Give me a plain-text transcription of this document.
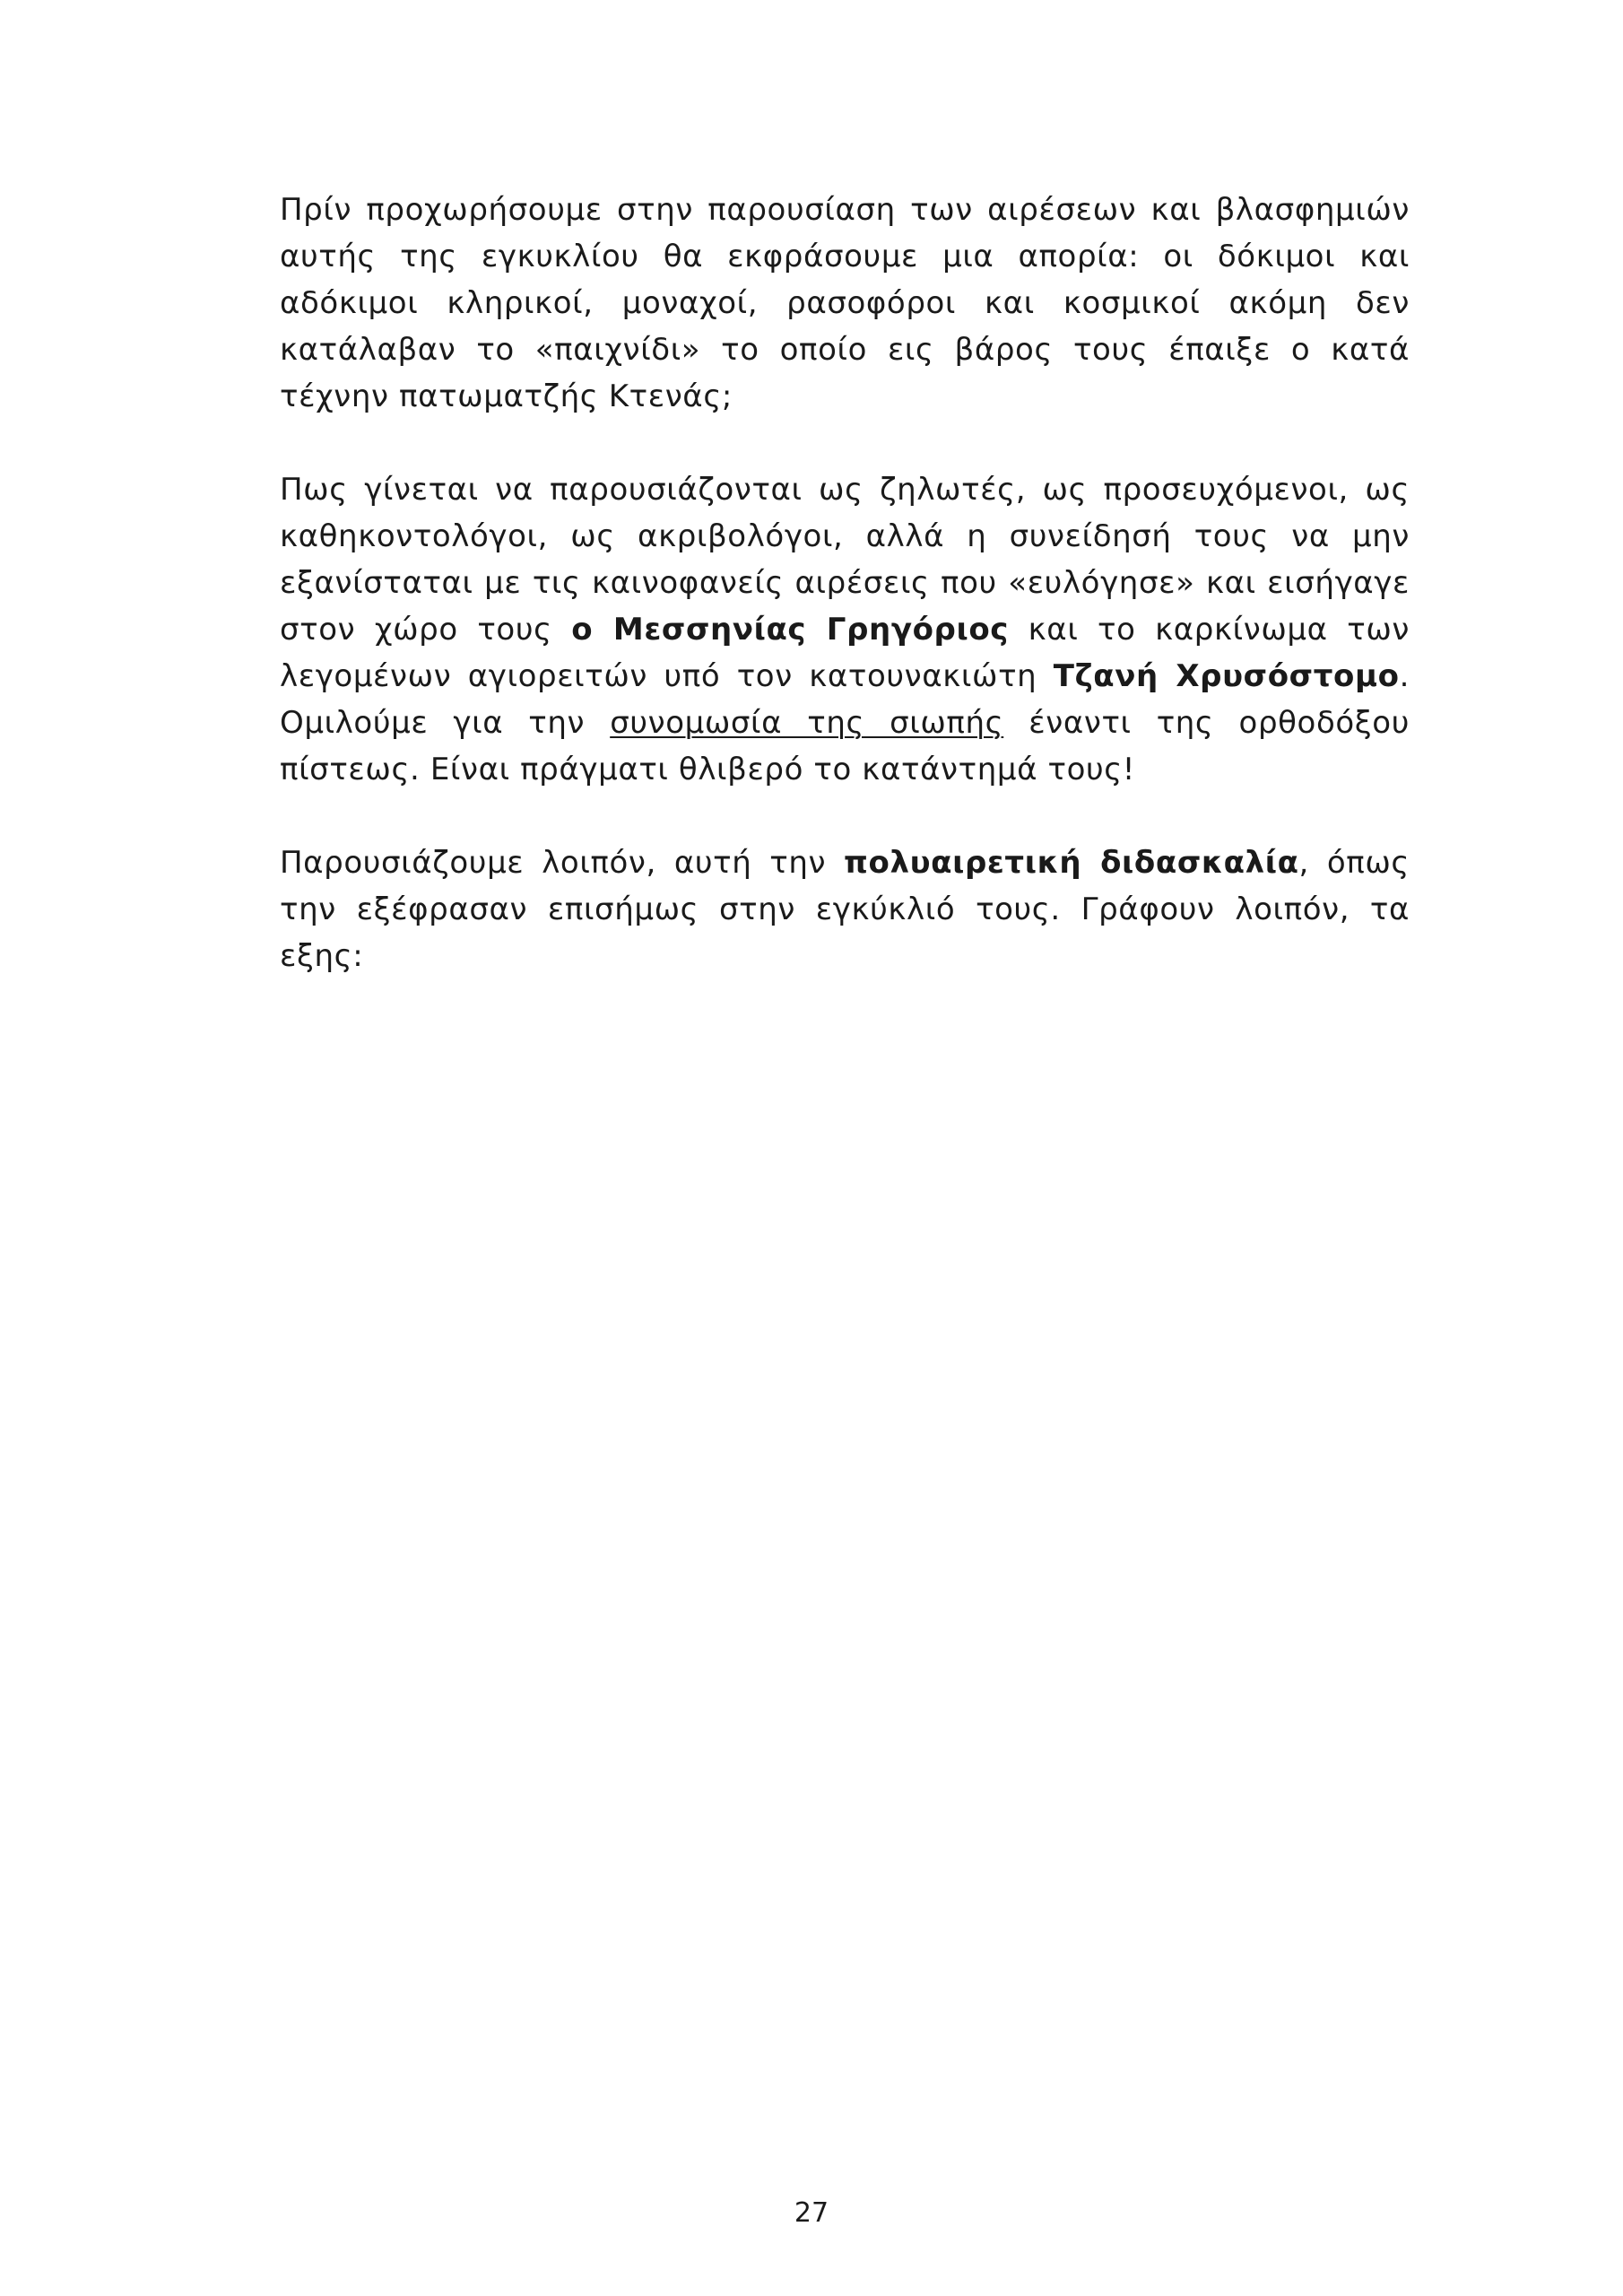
Πρίν προχωρήσουμε στην παρουσίαση των αιρέσεων και βλασφημιών αυτής της εγκυκλίου θα εκφράσουμε μια απορία: οι δόκιμοι και αδόκιμοι κληρικοί, μοναχοί, ρασοφόροι και κοσμικοί ακόμη δεν κατάλαβαν το «παιχνίδι» το οποίο εις βάρος τους έπαιξε ο κατά τέχνην πατωματζής Κτενάς;

Πως γίνεται να παρουσιάζονται ως ζηλωτές, ως προσευχόμενοι, ως καθηκοντολόγοι, ως ακριβολόγοι, αλλά η συνείδησή τους να μην εξανίσταται με τις καινοφανείς αιρέσεις που «ευλόγησε» και εισήγαγε στον χώρο τους ο Μεσσηνίας Γρηγόριος και το καρκίνωμα των λεγομένων αγιορειτών υπό τον κατουνακιώτη Τζανή Χρυσόστομο. Ομιλούμε για την συνομωσία της σιωπής έναντι της ορθοδόξου πίστεως. Είναι πράγματι θλιβερό το κατάντημά τους!

Παρουσιάζουμε λοιπόν, αυτή την πολυαιρετική διδασκαλία, όπως την εξέφρασαν επισήμως στην εγκύκλιό τους. Γράφουν λοιπόν, τα εξης:

27
